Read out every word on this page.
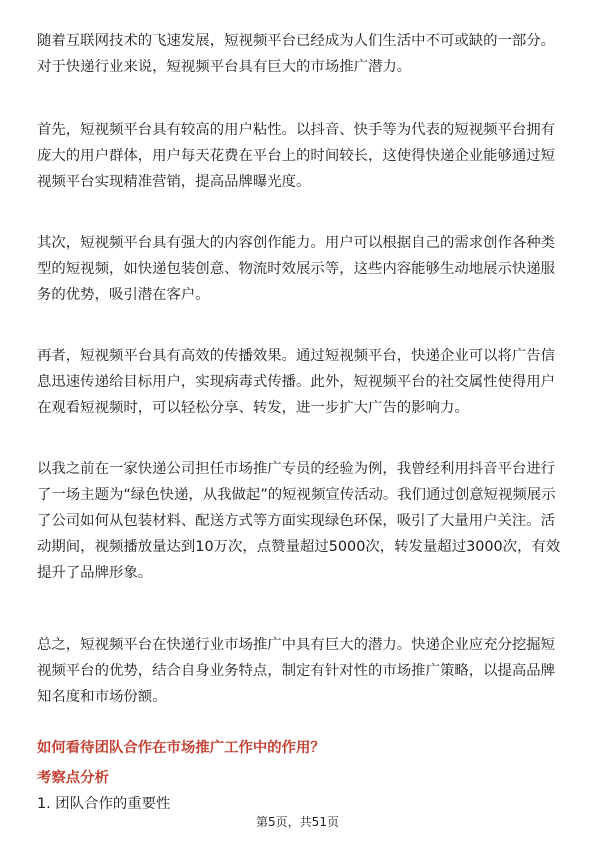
随着互联网技术的飞速发展，短视频平台已经成为人们生活中不可或缺的一部分。
对于快递行业来说，短视频平台具有巨大的市场推广潜力。
首先，短视频平台具有较高的用户粘性。以抖音、快手等为代表的短视频平台拥有
庞大的用户群体，用户每天花费在平台上的时间较长，这使得快递企业能够通过短
视频平台实现精准营销，提高品牌曝光度。
其次，短视频平台具有强大的内容创作能力。用户可以根据自己的需求创作各种类
型的短视频，如快递包装创意、物流时效展示等，这些内容能够生动地展示快递服
务的优势，吸引潜在客户。
再者，短视频平台具有高效的传播效果。通过短视频平台，快递企业可以将广告信
息迅速传递给目标用户，实现病毒式传播。此外，短视频平台的社交属性使得用户
在观看短视频时，可以轻松分享、转发，进一步扩大广告的影响力。
以我之前在一家快递公司担任市场推广专员的经验为例，我曾经利用抖音平台进行
了一场主题为“绿色快递，从我做起”的短视频宣传活动。我们通过创意短视频展示
了公司如何从包装材料、配送方式等方面实现绿色环保，吸引了大量用户关注。活
动期间，视频播放量达到10万次，点赞量超过5000次，转发量超过3000次，有效
提升了品牌形象。
总之，短视频平台在快递行业市场推广中具有巨大的潜力。快递企业应充分挖掘短
视频平台的优势，结合自身业务特点，制定有针对性的市场推广策略，以提高品牌
知名度和市场份额。
如何看待团队合作在市场推广工作中的作用？
考察点分析

1. 团队合作的重要性

第5页，共51页
